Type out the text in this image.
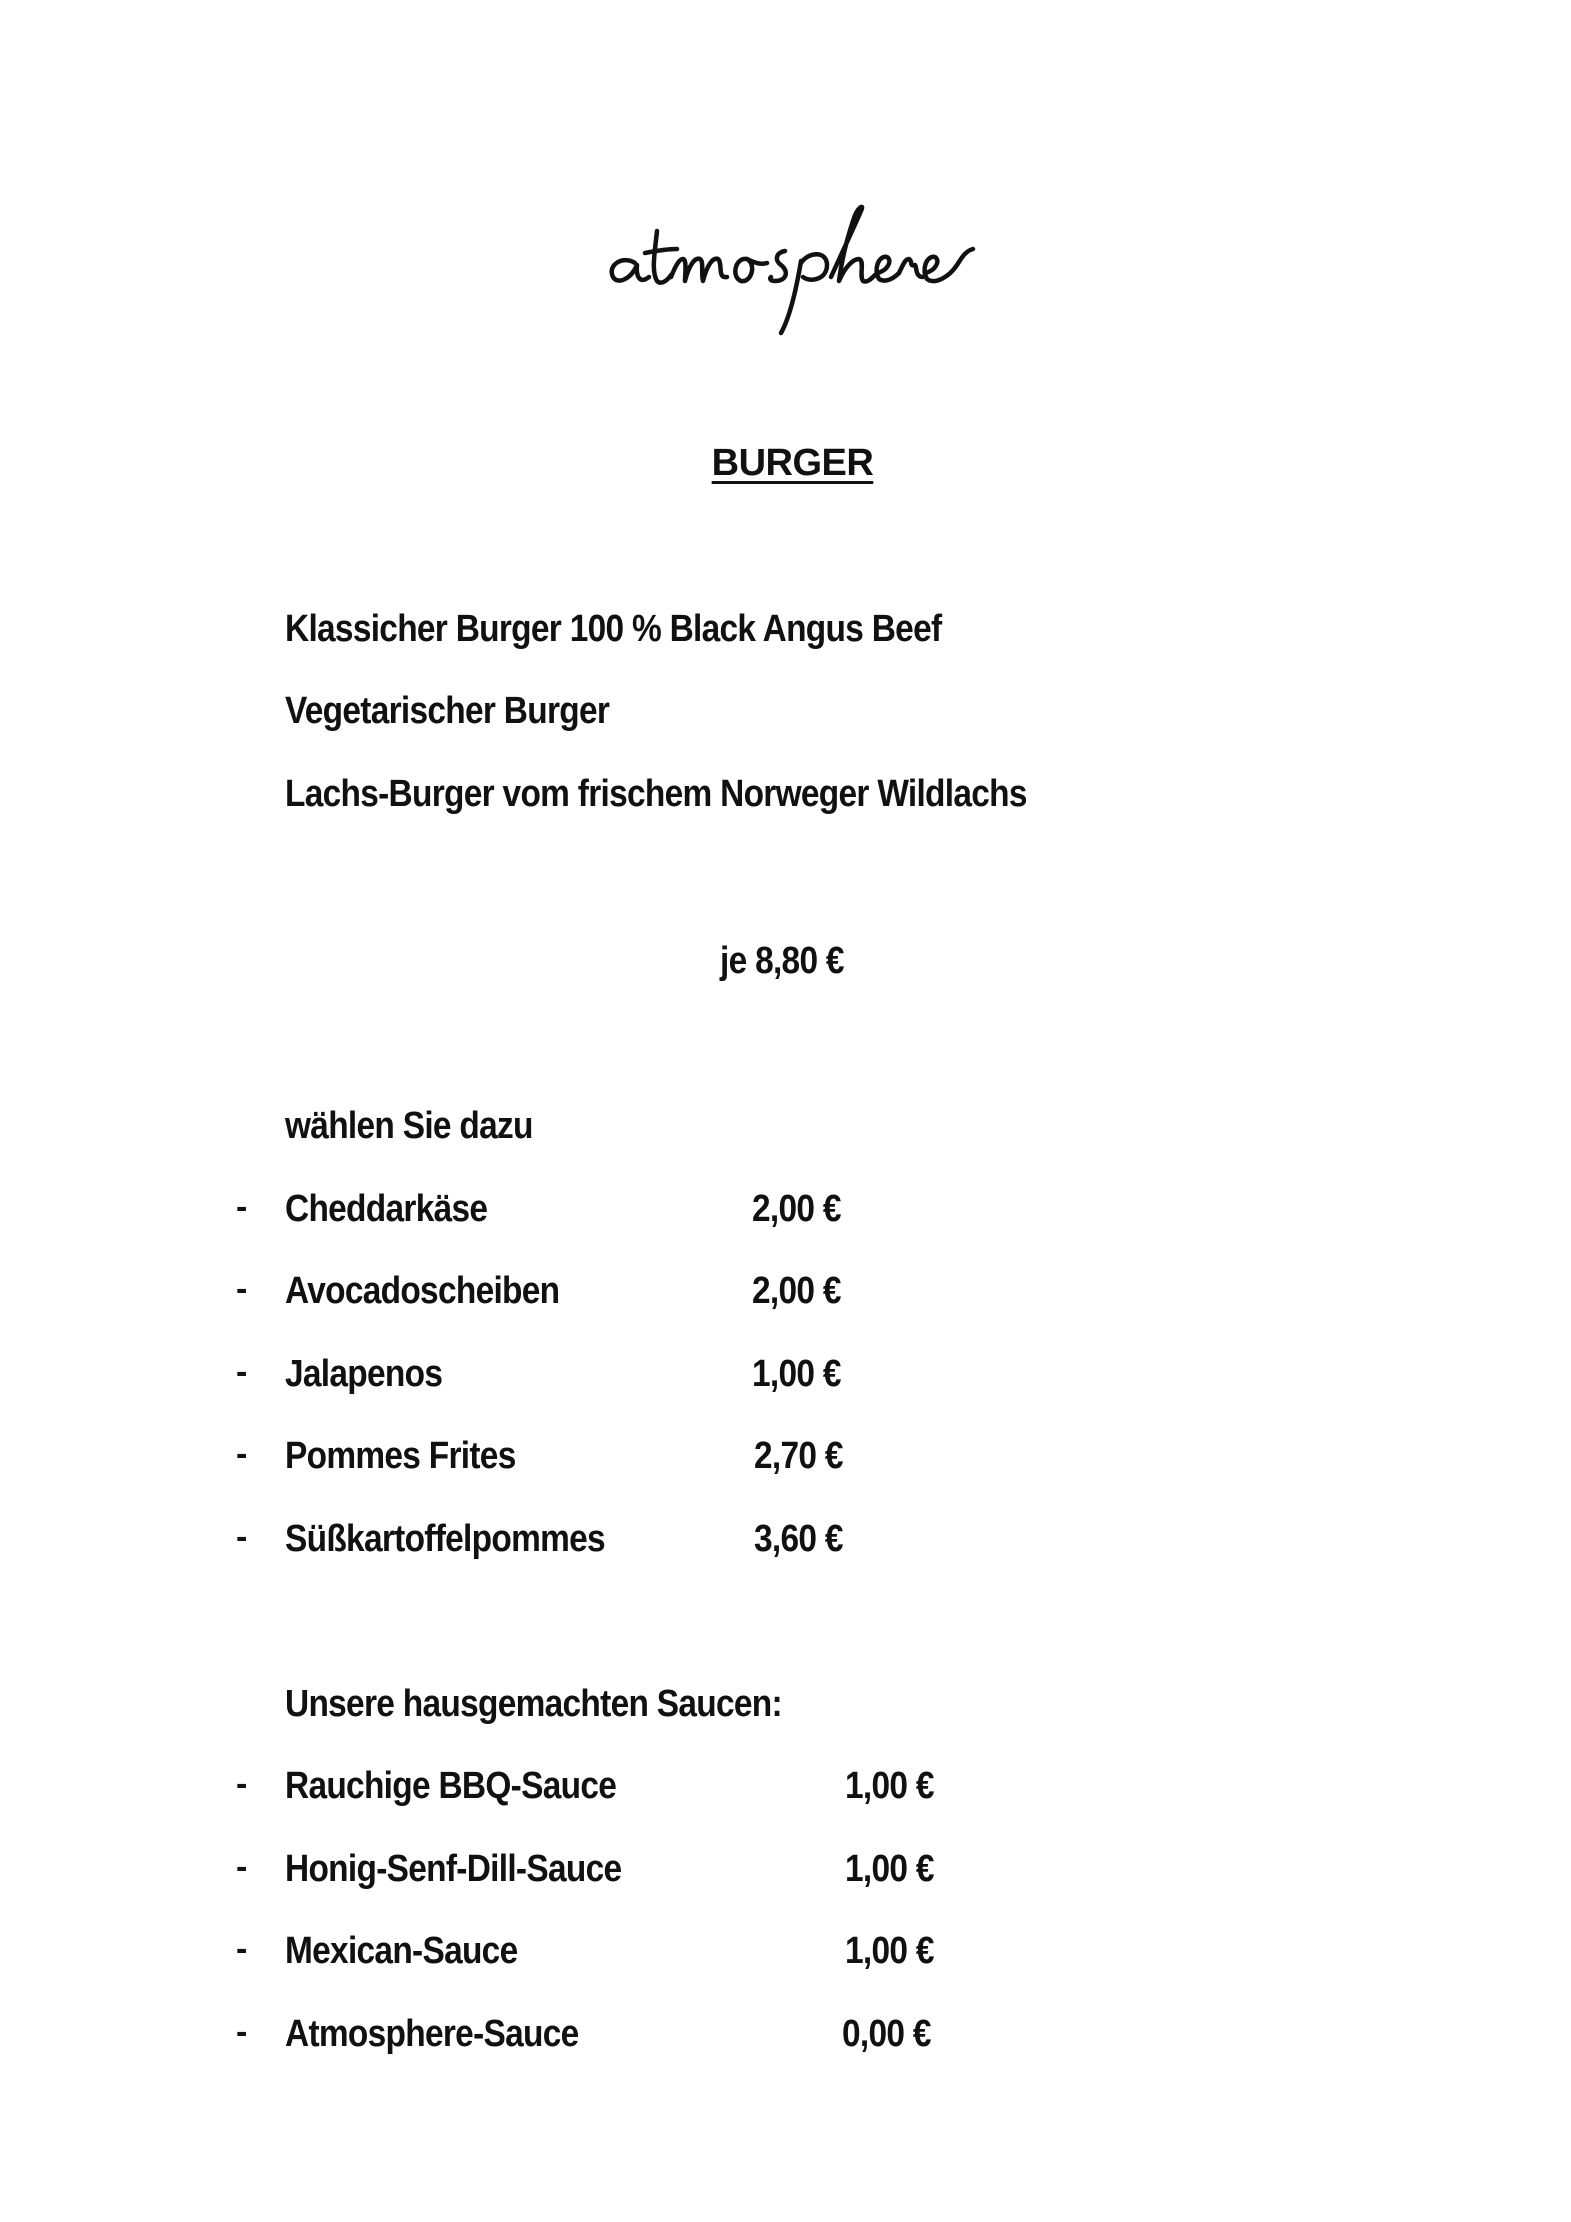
BURGER
Klassicher Burger 100 % Black Angus Beef
Vegetarischer Burger
Lachs-Burger vom frischem Norweger Wildlachs
je 8,80 €
wählen Sie dazu
- Cheddarkäse	2,00 €
- Avocadoscheiben	2,00 €
- Jalapenos	1,00 €
- Pommes Frites	2,70 €
- Süßkartoffelpommes	3,60 €
Unsere hausgemachten Saucen:
- Rauchige BBQ-Sauce	1,00 €
- Honig-Senf-Dill-Sauce	1,00 €
- Mexican-Sauce	1,00 €
- Atmosphere-Sauce	0,00 €
